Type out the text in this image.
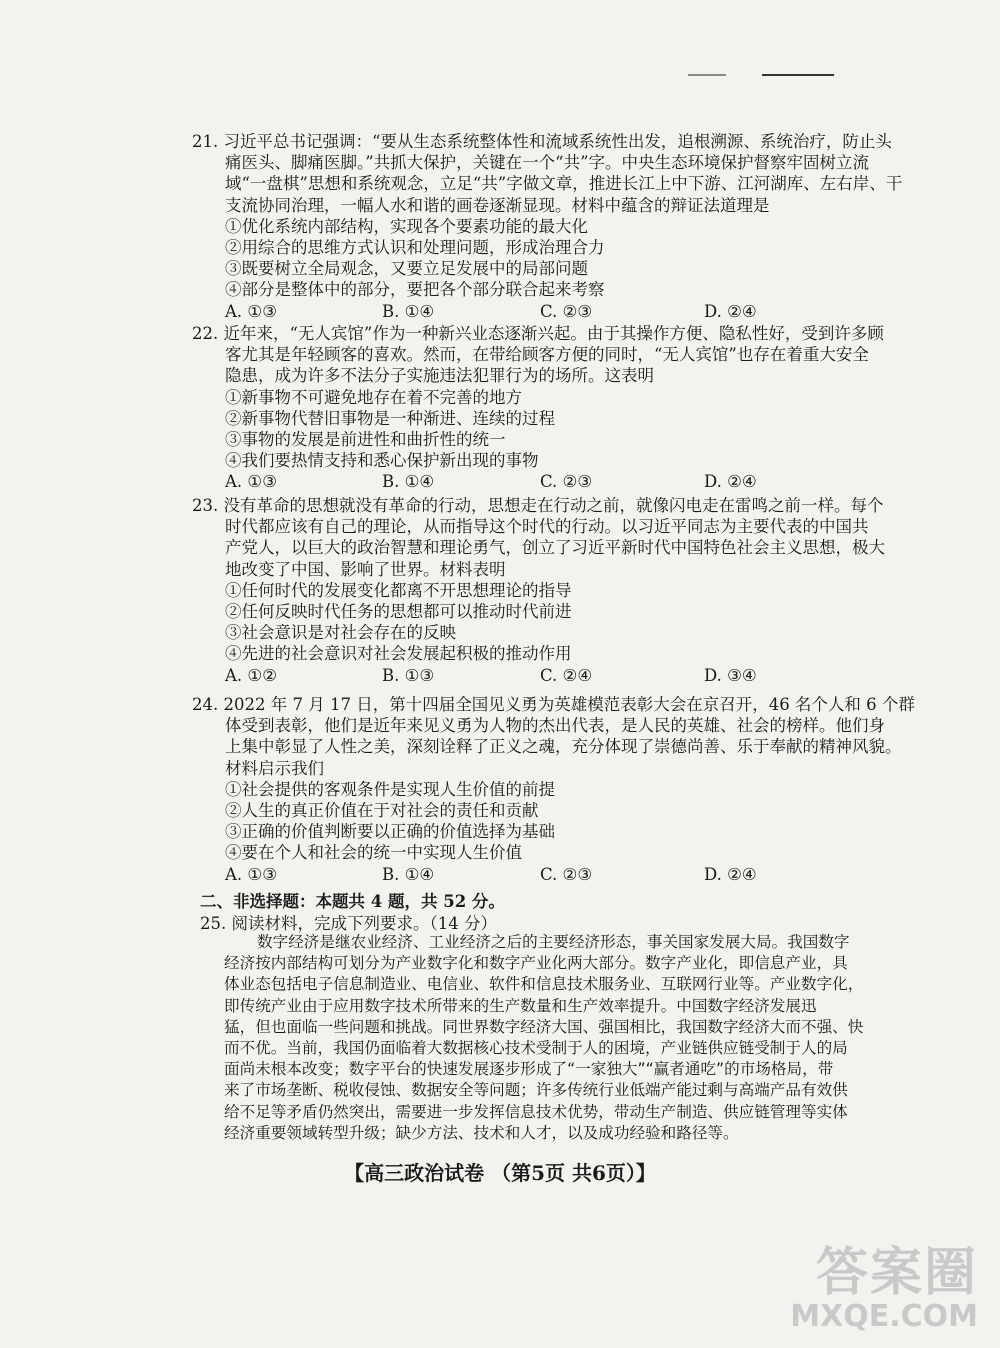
21. 习近平总书记强调：“要从生态系统整体性和流域系统性出发，追根溯源、系统治疗，防止头
痛医头、脚痛医脚。”共抓大保护，关键在一个“共”字。中央生态环境保护督察牢固树立流
域“一盘棋”思想和系统观念，立足“共”字做文章，推进长江上中下游、江河湖库、左右岸、干
支流协同治理，一幅人水和谐的画卷逐渐显现。材料中蕴含的辩证法道理是
①优化系统内部结构，实现各个要素功能的最大化
②用综合的思维方式认识和处理问题，形成治理合力
③既要树立全局观念，又要立足发展中的局部问题
④部分是整体中的部分，要把各个部分联合起来考察
A. ①③	B. ①④	C. ②③	D. ②④
22. 近年来，“无人宾馆”作为一种新兴业态逐渐兴起。由于其操作方便、隐私性好，受到许多顾
客尤其是年轻顾客的喜欢。然而，在带给顾客方便的同时，“无人宾馆”也存在着重大安全
隐患，成为许多不法分子实施违法犯罪行为的场所。这表明
①新事物不可避免地存在着不完善的地方
②新事物代替旧事物是一种渐进、连续的过程
③事物的发展是前进性和曲折性的统一
④我们要热情支持和悉心保护新出现的事物
A. ①③	B. ①④	C. ②③	D. ②④
23. 没有革命的思想就没有革命的行动，思想走在行动之前，就像闪电走在雷鸣之前一样。每个
时代都应该有自己的理论，从而指导这个时代的行动。以习近平同志为主要代表的中国共
产党人，以巨大的政治智慧和理论勇气，创立了习近平新时代中国特色社会主义思想，极大
地改变了中国、影响了世界。材料表明
①任何时代的发展变化都离不开思想理论的指导
②任何反映时代任务的思想都可以推动时代前进
③社会意识是对社会存在的反映
④先进的社会意识对社会发展起积极的推动作用
A. ①②	B. ①③	C. ②④	D. ③④
24. 2022 年 7 月 17 日，第十四届全国见义勇为英雄模范表彰大会在京召开，46 名个人和 6 个群
体受到表彰，他们是近年来见义勇为人物的杰出代表，是人民的英雄、社会的榜样。他们身
上集中彰显了人性之美，深刻诠释了正义之魂，充分体现了崇德尚善、乐于奉献的精神风貌。
材料启示我们
①社会提供的客观条件是实现人生价值的前提
②人生的真正价值在于对社会的责任和贡献
③正确的价值判断要以正确的价值选择为基础
④要在个人和社会的统一中实现人生价值
A. ①③	B. ①④	C. ②③	D. ②④
二、非选择题：本题共 4 题，共 52 分。
25. 阅读材料，完成下列要求。（14 分）
数字经济是继农业经济、工业经济之后的主要经济形态，事关国家发展大局。我国数字
经济按内部结构可划分为产业数字化和数字产业化两大部分。数字产业化，即信息产业，具
体业态包括电子信息制造业、电信业、软件和信息技术服务业、互联网行业等。产业数字化，
即传统产业由于应用数字技术所带来的生产数量和生产效率提升。中国数字经济发展迅
猛，但也面临一些问题和挑战。同世界数字经济大国、强国相比，我国数字经济大而不强、快
而不优。当前，我国仍面临着大数据核心技术受制于人的困境，产业链供应链受制于人的局
面尚未根本改变；数字平台的快速发展逐步形成了“一家独大”“赢者通吃”的市场格局，带
来了市场垄断、税收侵蚀、数据安全等问题；许多传统行业低端产能过剩与高端产品有效供
给不足等矛盾仍然突出，需要进一步发挥信息技术优势，带动生产制造、供应链管理等实体
经济重要领域转型升级；缺少方法、技术和人才，以及成功经验和路径等。
【高三政治试卷 （第5页 共6页）】
答案圈
MXQE.COM
